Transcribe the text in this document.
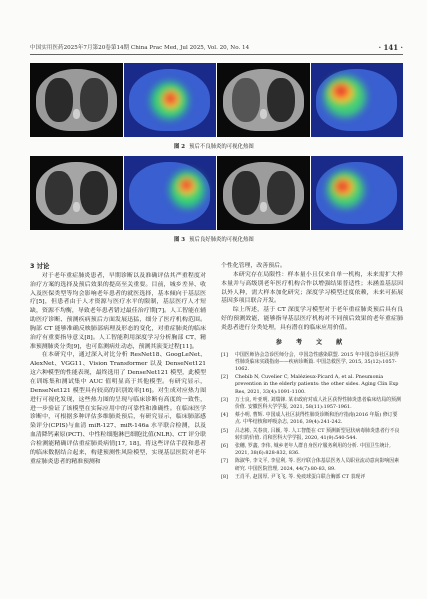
中国实用医药2025年7月第20卷第14期 China Prac Med, Jul 2025, Vol. 20, No. 14	· 141 ·
图 2 预后不良肺炎的可视化热图
图 3 预后良好肺炎的可视化热图
3 讨论

对于老年重症肺炎患者，早期诊断以及准确评估其严重程度对治疗方案的选择及预后效果的提高至关重要。目前，城乡差异、收入及医保类型等均会影响老年患者的就医选择，基本倾向于基层医疗[5]，但患者由于人才资源与医疗水平的限制，基层医疗人才短缺，资源不均衡，导致老年患者错过最佳治疗期[7]。人工智能在辅助医疗诊断、预测疾病预后方面发展迅猛，细分了医疗机构范围。胸部 CT 能够准确反映肺部病理及形态的变化，对重症肺炎的临床治疗有重要指导意义[8]。人工智能利用深度学习分析胸部 CT，精准预测肺炎分类[9]，也可监测病灶动态，预测其演变过程[11]。

在本研究中，通过深入对比分析 ResNet18、GoogLeNet、AlexNet、VGG11、Vision Transformer 以及 DenseNet121 这六种模型的性能表现，最终选用了 DenseNet121 模型，此模型在训练集和测试集中 AUC 值明显高于其他模型。有研究显示，DenseNet121 模型具有较高的识别效率[16]。对生成对应热力图进行可视化发现，这些热力图的呈现与临床诊断有高度的一致性，进一步验证了该模型在实际应用中的可靠性和准确性。在临床医学诊断中，可根据多种评估多维肺炎预后，有研究显示，临床肺部感染评分(CPIS)与血清 miR-127、miR-146a 水平联合检测，以及血清降钙素原(PCT)、中性粒细胞淋巴细胞比值(NLR)、CT 评分联合检测能精确评估重症肺炎病情[17, 18]，将这些评估手段和患者的临床数据结合起来，构建预测性风险模型，实现基层医院对老年重症肺炎患者的精准预测和

个性化管理，改善预后。

本研究存在局限性：样本量小且仅来自单一机构，未来需扩大样本量并与高级别老年医疗机构合作以增强结果普适性；未涵盖基层因以外人种，需大样本加化研究；深度学习模型过度依赖，未来可拓展基因多项目联合开发。

综上所述，基于 CT 深度学习模型对于老年重症肺炎预后具有良好的预测效能，能够指导基层医疗机构对不同预后效果的老年重症肺炎患者进行分类处理，具有潜在的临床应用价值。

参 考 文 献
[1]	中国医师协会急诊医师分会，中国急性感染联盟. 2015 年中国急诊社区获得性肺炎临床实践指南——疾病诊断篇. 中国急救医学, 2015, 35(12):1057-1062.
[2]	Chebib N, Cuvelier C, Malézieux-Picard A, et al. Pneumonia prevention in the elderly patients: the other sides. Aging Clin Exp Res, 2021, 33(4):1091-1100.
[3]	万士良, 叶亚明, 刘瑞锋. 某市政府对成人社区获得性肺炎患者临床结局的预测价值. 安徽医科大学学报, 2021, 58(11):1957-1961.
[4]	蔡小明, 曹辉. 中国成人社区获得性肺炎诊断和治疗指南(2016 年版) 修订要点. 中华结核和呼吸杂志, 2016, 39(4):241-242.
[5]	吕志彬, 关春寅, 吕颖, 等. 人工智能在 CT 预测新型冠状病毒肺炎患者行不良转归的价值. 肖和医科大学学报, 2020, 41(9):540-544.
[6]	张穗, 罗鑫, 李伟, 城乡老年人群自身医疗服务利用的分析. 中国卫生统计, 2021, 38(6):828-832, 836.
[7]	陈淑华, 李文平, 李星利, 等. 医疗联合体基层医务人员职业流动意向影响因素研究. 中国医院管理, 2024, 44(7):80-83, 89.
[8]	王肖平, 赵国厚, 尹飞飞, 等. 免疫球蛋白联合胸部 CT 表现评
